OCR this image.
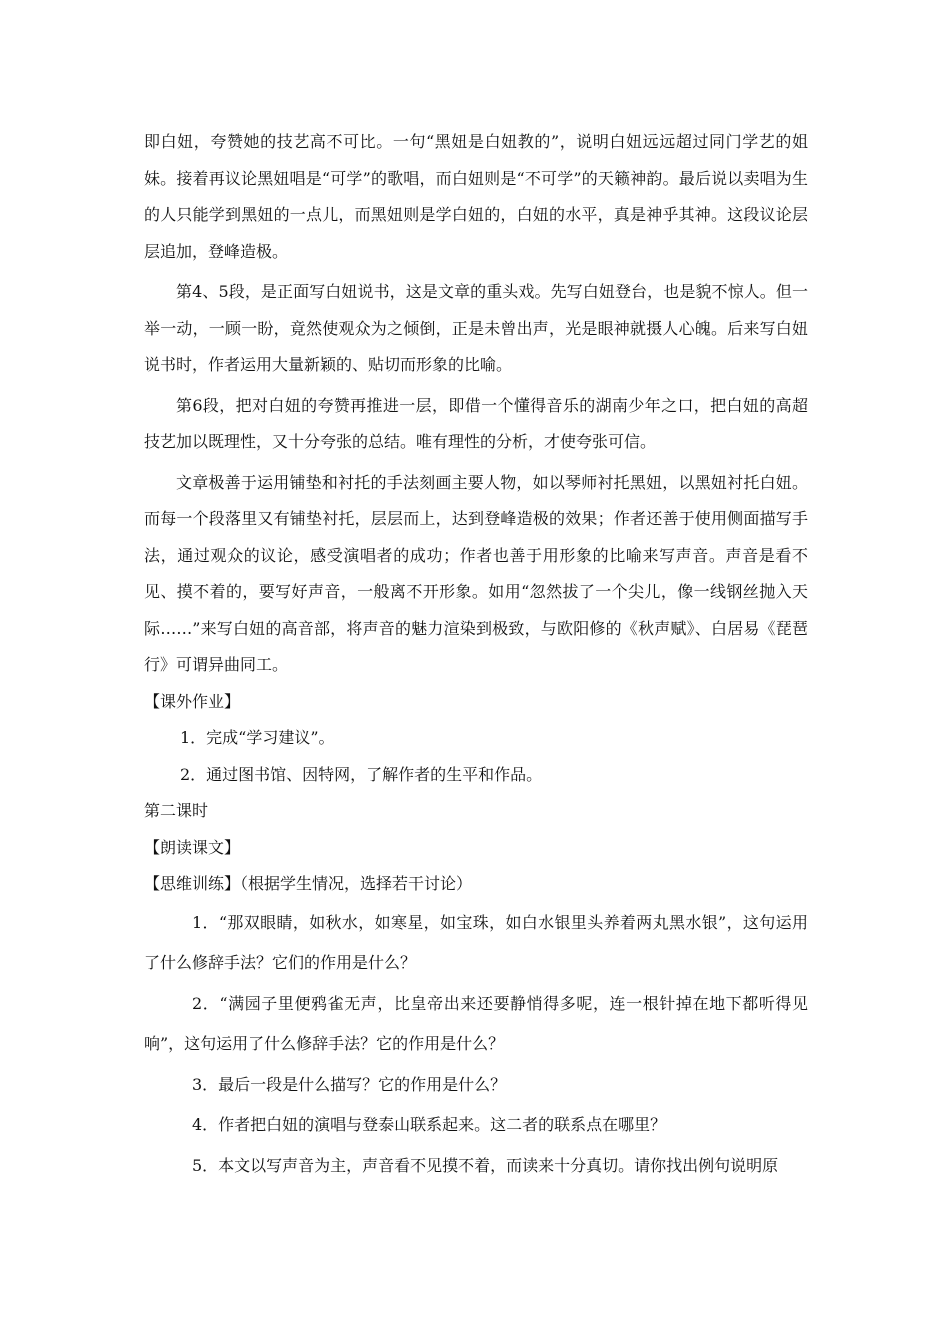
即白妞，夸赞她的技艺高不可比。一句“黑妞是白妞教的”，说明白妞远远超过同门学艺的姐妹。接着再议论黑妞唱是“可学”的歌唱，而白妞则是“不可学”的天籁神韵。最后说以卖唱为生的人只能学到黑妞的一点儿，而黑妞则是学白妞的，白妞的水平，真是神乎其神。这段议论层层追加，登峰造极。

第4、5段，是正面写白妞说书，这是文章的重头戏。先写白妞登台，也是貌不惊人。但一举一动，一顾一盼，竟然使观众为之倾倒，正是未曾出声，光是眼神就摄人心魄。后来写白妞说书时，作者运用大量新颖的、贴切而形象的比喻。

第6段，把对白妞的夸赞再推进一层，即借一个懂得音乐的湖南少年之口，把白妞的高超技艺加以既理性，又十分夸张的总结。唯有理性的分析，才使夸张可信。

文章极善于运用铺垫和衬托的手法刻画主要人物，如以琴师衬托黑妞，以黑妞衬托白妞。而每一个段落里又有铺垫衬托，层层而上，达到登峰造极的效果；作者还善于使用侧面描写手法，通过观众的议论，感受演唱者的成功；作者也善于用形象的比喻来写声音。声音是看不见、摸不着的，要写好声音，一般离不开形象。如用“忽然拔了一个尖儿，像一线钢丝抛入天际……”来写白妞的高音部，将声音的魅力渲染到极致，与欧阳修的《秋声赋》、白居易《琵琶行》可谓异曲同工。

【课外作业】

1．完成“学习建议”。

2．通过图书馆、因特网，了解作者的生平和作品。

第二课时

【朗读课文】

【思维训练】（根据学生情况，选择若干讨论）

1．“那双眼睛，如秋水，如寒星，如宝珠，如白水银里头养着两丸黑水银”，这句运用了什么修辞手法？它们的作用是什么？

2．“满园子里便鸦雀无声，比皇帝出来还要静悄得多呢，连一根针掉在地下都听得见响”，这句运用了什么修辞手法？它的作用是什么？

3．最后一段是什么描写？它的作用是什么？

4．作者把白妞的演唱与登泰山联系起来。这二者的联系点在哪里？

5．本文以写声音为主，声音看不见摸不着，而读来十分真切。请你找出例句说明原
